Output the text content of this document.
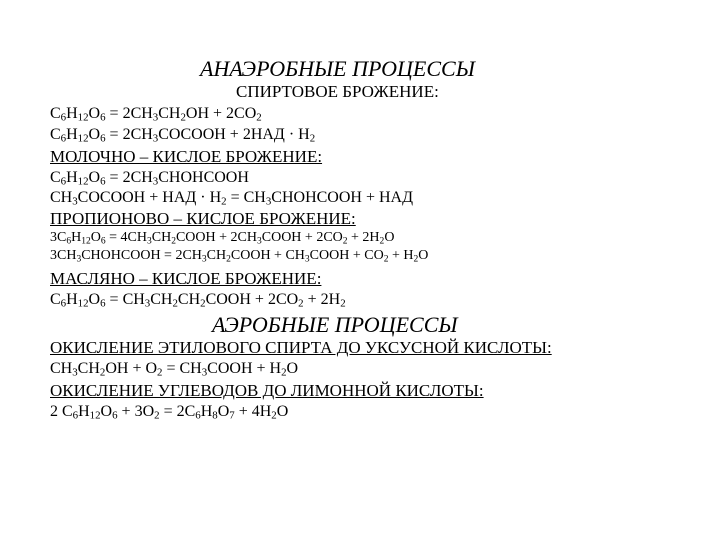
АНАЭРОБНЫЕ ПРОЦЕССЫ
СПИРТОВОЕ БРОЖЕНИЕ:
$C_6H_{12}O_6 = 2CH_3CH_2OH + 2CO_2$
$C_6H_{12}O_6$ = $2CH_3COCOOH + 2НАД \cdot H_2$
МОЛОЧНО – КИСЛОЕ БРОЖЕНИЕ:
$C_6H_{12}O_6$ = $2CH_3CHOHCOOH$
$CH_3COCOOH$ + НАД · $H_2$ = $CH_3CHOHCOOH$ + НАД
ПРОПИОНОВО – КИСЛОЕ БРОЖЕНИЕ:
$3C_6H_{12}O_6$ = $4CH_3CH_2COOH$ + $2CH_3COOH + 2CO_2 + 2H_2O$
$3CH_3CHOHCOOH$ = $2CH_3CH_2COOH$ + $CH_3COOH + CO_2 + H_2O$
МАСЛЯНО – КИСЛОЕ БРОЖЕНИЕ:
$C_6H_{12}O_6$ = $CH_3CH_2CH_2COOH + 2CO_2 + 2H_2$
АЭРОБНЫЕ ПРОЦЕССЫ
ОКИСЛЕНИЕ ЭТИЛОВОГО СПИРТА ДО УКСУСНОЙ КИСЛОТЫ:
$CH_3CH_2OH + O_2$ = $CH_3COOH + H_2O$
ОКИСЛЕНИЕ УГЛЕВОДОВ ДО ЛИМОННОЙ КИСЛОТЫ:
2 $C_6H_{12}O_6 + 3O_2 = 2C_6H_8O_7 + 4H_2O$
